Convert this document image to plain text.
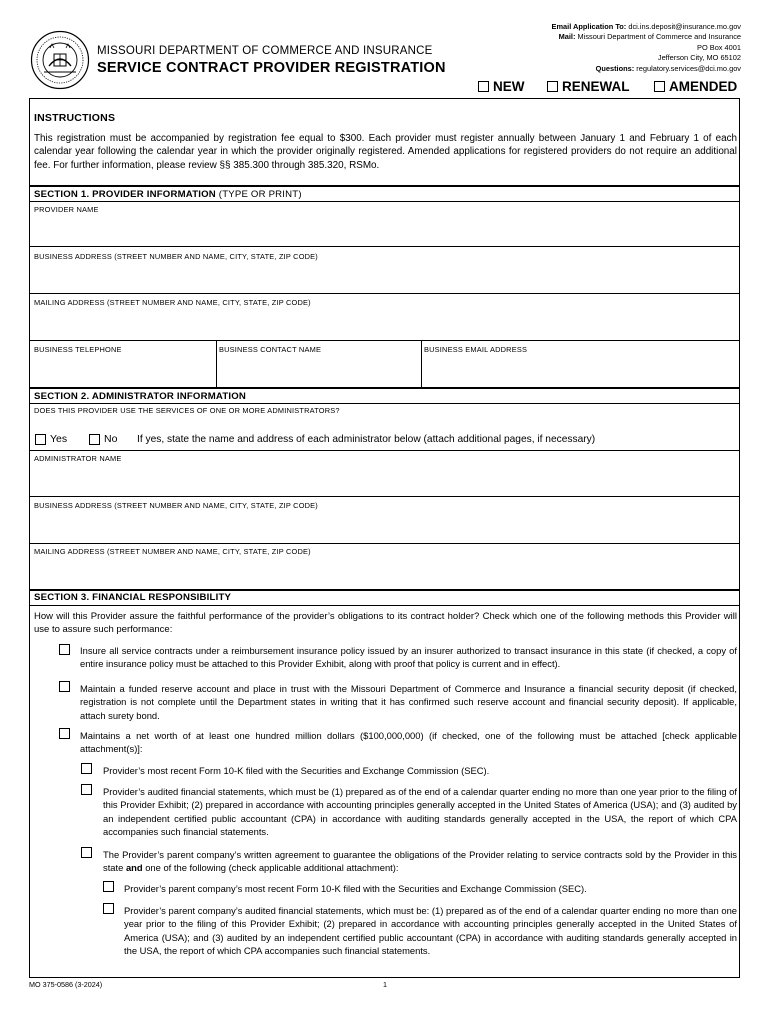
MISSOURI DEPARTMENT OF COMMERCE AND INSURANCE
SERVICE CONTRACT PROVIDER REGISTRATION
Email Application To: dci.ins.deposit@insurance.mo.gov
Mail: Missouri Department of Commerce and Insurance
PO Box 4001
Jefferson City, MO 65102
Questions: regulatory.services@dci.mo.gov
NEW	RENEWAL	AMENDED
INSTRUCTIONS
This registration must be accompanied by registration fee equal to $300. Each provider must register annually between January 1 and February 1 of each calendar year following the calendar year in which the provider originally registered. Amended applications for registered providers do not require an additional fee. For further information, please review §§ 385.300 through 385.320, RSMo.
SECTION 1. PROVIDER INFORMATION (TYPE OR PRINT)
PROVIDER NAME
BUSINESS ADDRESS (STREET NUMBER AND NAME, CITY, STATE, ZIP CODE)
MAILING ADDRESS (STREET NUMBER AND NAME, CITY, STATE, ZIP CODE)
BUSINESS TELEPHONE	BUSINESS CONTACT NAME	BUSINESS EMAIL ADDRESS
SECTION 2. ADMINISTRATOR INFORMATION
DOES THIS PROVIDER USE THE SERVICES OF ONE OR MORE ADMINISTRATORS?
Yes	No If yes, state the name and address of each administrator below (attach additional pages, if necessary)
ADMINISTRATOR NAME
BUSINESS ADDRESS (STREET NUMBER AND NAME, CITY, STATE, ZIP CODE)
MAILING ADDRESS (STREET NUMBER AND NAME, CITY, STATE, ZIP CODE)
SECTION 3. FINANCIAL RESPONSIBILITY
How will this Provider assure the faithful performance of the provider’s obligations to its contract holder? Check which one of the following methods this Provider will use to assure such performance:
Insure all service contracts under a reimbursement insurance policy issued by an insurer authorized to transact insurance in this state (if checked, a copy of entire insurance policy must be attached to this Provider Exhibit, along with proof that policy is current and in effect).
Maintain a funded reserve account and place in trust with the Missouri Department of Commerce and Insurance a financial security deposit (if checked, registration is not complete until the Department states in writing that it has confirmed such reserve account and financial security deposit). If applicable, attach surety bond.
Maintains a net worth of at least one hundred million dollars ($100,000,000) (if checked, one of the following must be attached [check applicable attachment(s)]:
Provider’s most recent Form 10-K filed with the Securities and Exchange Commission (SEC).
Provider’s audited financial statements, which must be (1) prepared as of the end of a calendar quarter ending no more than one year prior to the filing of this Provider Exhibit; (2) prepared in accordance with accounting principles generally accepted in the United States of America (USA); and (3) audited by an independent certified public accountant (CPA) in accordance with auditing standards generally accepted in the USA, the report of which CPA accompanies such financial statements.
The Provider’s parent company’s written agreement to guarantee the obligations of the Provider relating to service contracts sold by the Provider in this state and one of the following (check applicable additional attachment):
Provider’s parent company’s most recent Form 10-K filed with the Securities and Exchange Commission (SEC).
Provider’s parent company’s audited financial statements, which must be: (1) prepared as of the end of a calendar quarter ending no more than one year prior to the filing of this Provider Exhibit; (2) prepared in accordance with accounting principles generally accepted in the United States of America (USA); and (3) audited by an independent certified public accountant (CPA) in accordance with auditing standards generally accepted in the USA, the report of which CPA accompanies such financial statements.
MO 375-0586 (3-2024)	1
